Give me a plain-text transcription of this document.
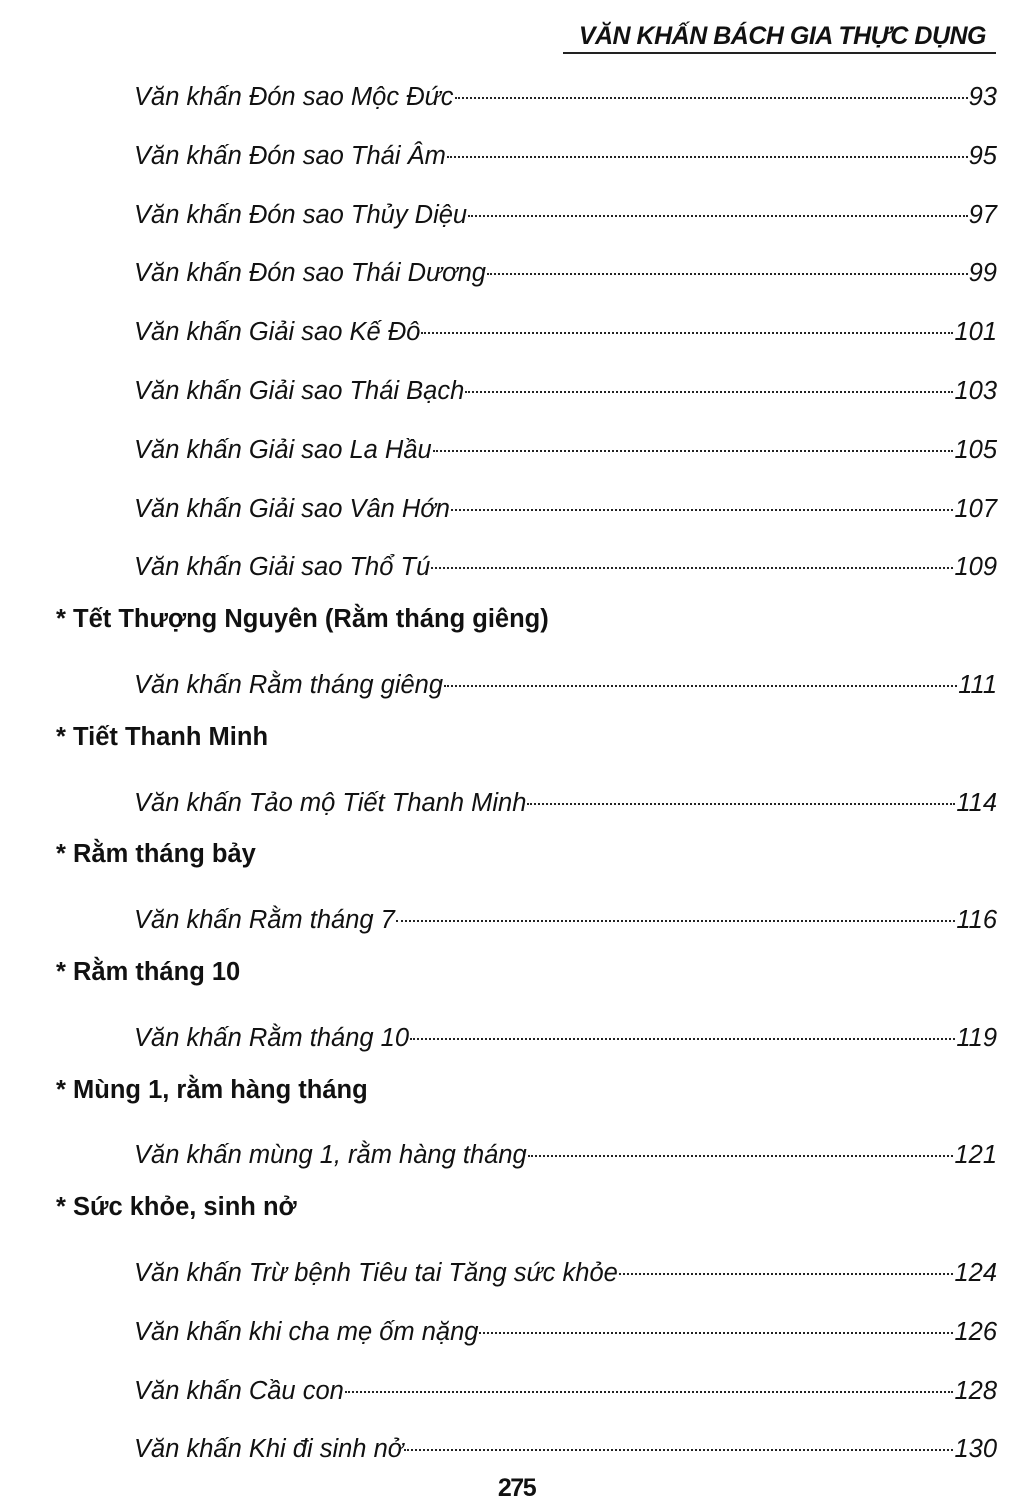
VĂN KHẤN BÁCH GIA THỰC DỤNG
Văn khấn Đón sao Mộc Đức	93
Văn khấn Đón sao Thái Âm	95
Văn khấn Đón sao Thủy Diệu	97
Văn khấn Đón sao Thái Dương	99
Văn khấn Giải sao Kế Đô	101
Văn khấn Giải sao Thái Bạch	103
Văn khấn Giải sao La Hầu	105
Văn khấn Giải sao Vân Hớn	107
Văn khấn Giải sao Thổ Tú	109
* Tết Thượng Nguyên (Rằm tháng giêng)
Văn khấn Rằm tháng giêng	111
* Tiết Thanh Minh
Văn khấn Tảo mộ Tiết Thanh Minh	114
* Rằm tháng bảy
Văn khấn Rằm tháng 7	116
* Rằm tháng 10
Văn khấn Rằm tháng 10	119
* Mùng 1, rằm hàng tháng
Văn khấn mùng 1, rằm hàng tháng	121
* Sức khỏe, sinh nở
Văn khấn Trừ bệnh Tiêu tai Tăng sức khỏe	124
Văn khấn khi cha mẹ ốm nặng	126
Văn khấn Cầu con	128
Văn khấn Khi đi sinh nở	130
275
